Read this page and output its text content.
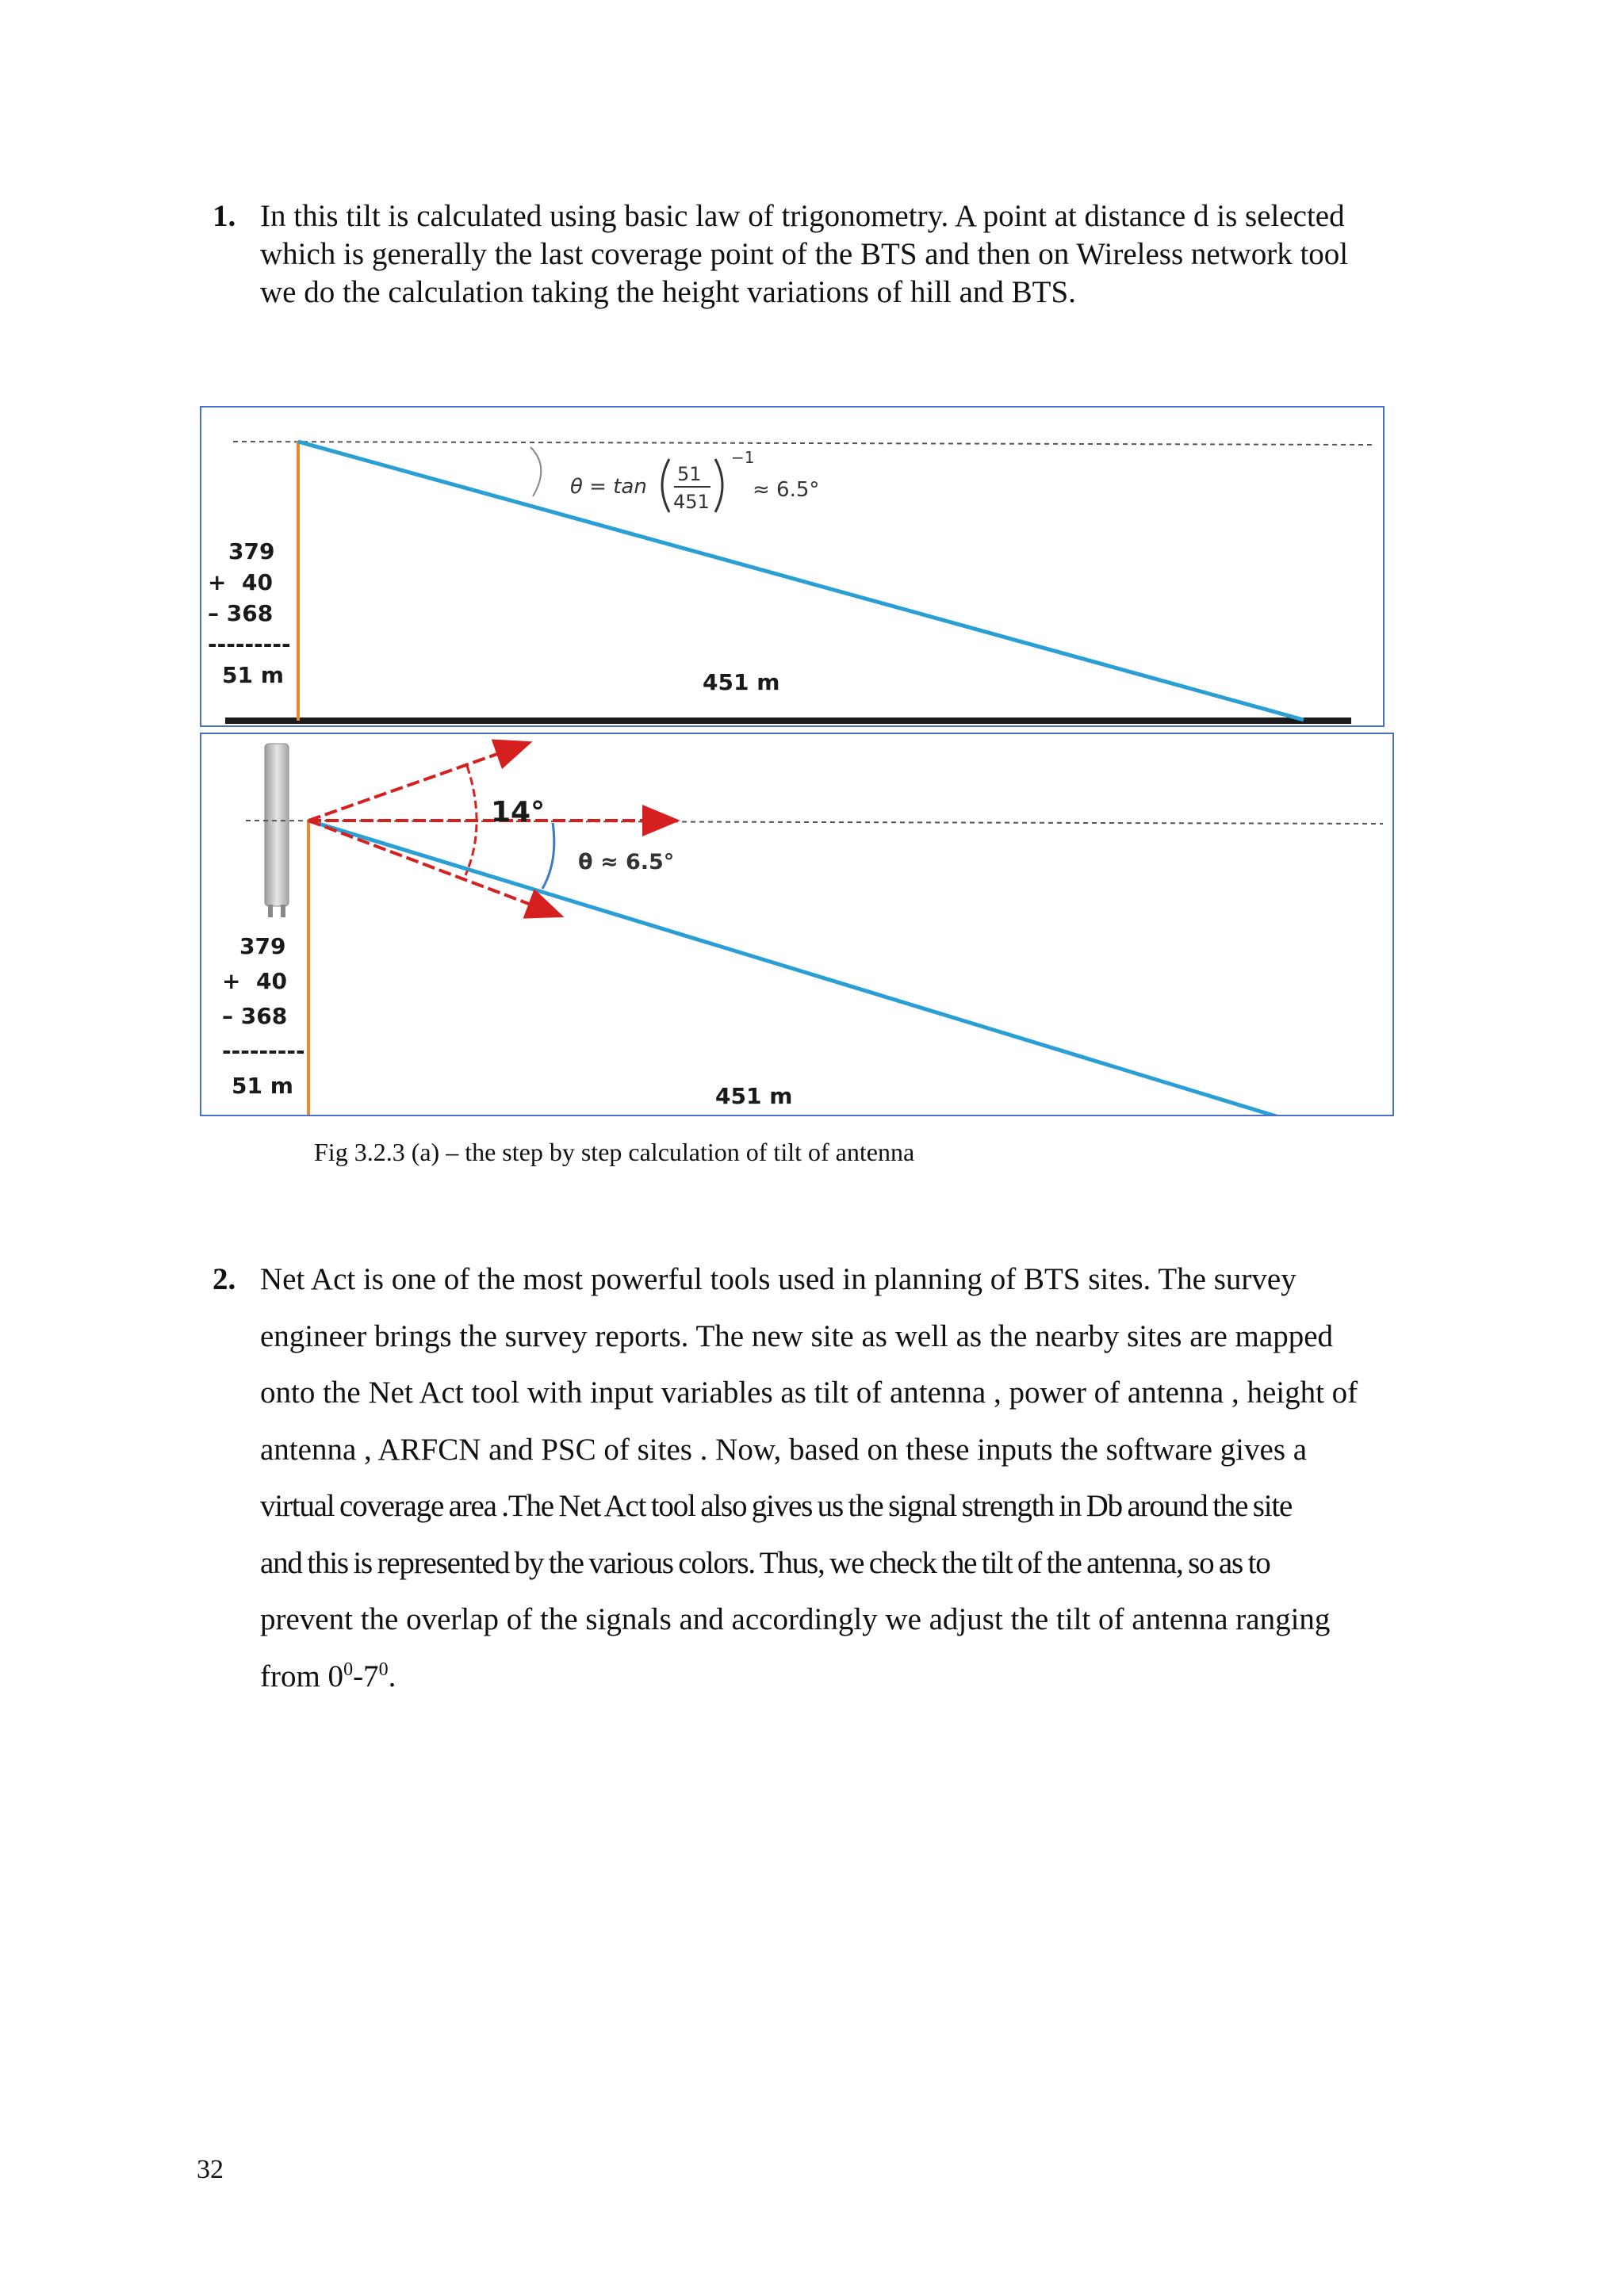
1. In this tilt is calculated using basic law of trigonometry. A point at distance d is selected
which is generally the last coverage point of the BTS and then on Wireless network tool
we do the calculation taking the height variations of hill and BTS.
θ = tan
51
451
−1
≈ 6.5°
379
+  40
– 368
---------
51 m	451 m
14°
θ ≈ 6.5°
379
+  40
– 368
---------
51 m	451 m
Fig 3.2.3 (a) – the step by step calculation of tilt of antenna
2. Net Act is one of the most powerful tools used in planning of BTS sites. The survey
engineer brings the survey reports. The new site as well as the nearby sites are mapped
onto the Net Act tool with input variables as tilt of antenna , power of antenna , height of
antenna , ARFCN and PSC of sites . Now, based on these inputs the software gives a
virtual coverage area .The Net Act tool also gives us the signal strength in Db around the site
and this is represented by the various colors. Thus, we check the tilt of the antenna, so as to
prevent the overlap of the signals and accordingly we adjust the tilt of antenna ranging
from $0^0-7^0$.
32
